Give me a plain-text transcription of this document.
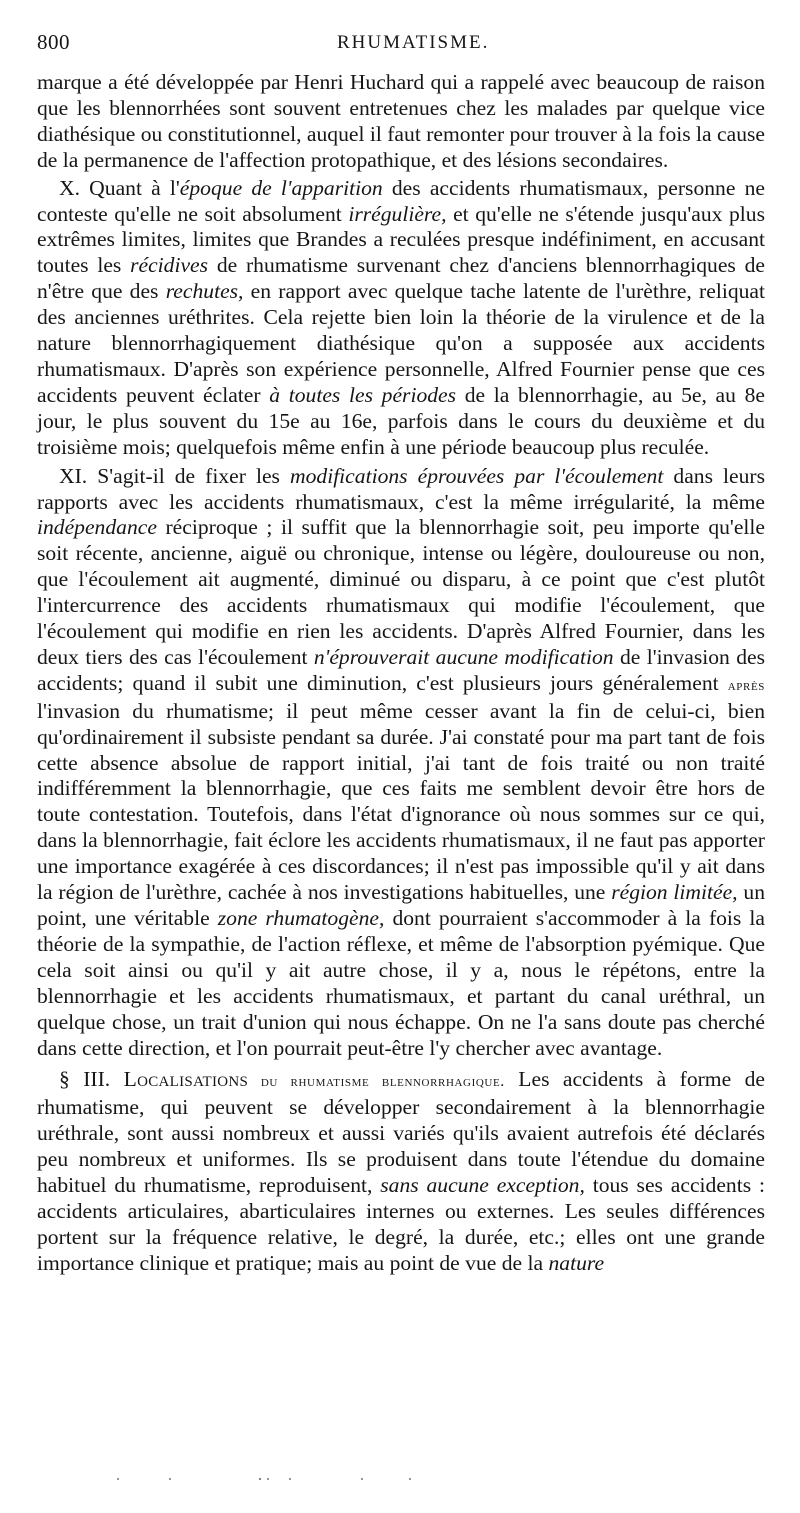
800	RHUMATISME.

marque a été développée par Henri Huchard qui a rappelé avec beaucoup de raison que les blennorrhées sont souvent entretenues chez les malades par quelque vice diathésique ou constitutionnel, auquel il faut remonter pour trouver à la fois la cause de la permanence de l'affection protopathique, et des lésions secondaires.

X. Quant à l'époque de l'apparition des accidents rhumatismaux, personne ne conteste qu'elle ne soit absolument irrégulière, et qu'elle ne s'étende jusqu'aux plus extrêmes limites, limites que Brandes a reculées presque indéfiniment, en accusant toutes les récidives de rhumatisme survenant chez d'anciens blennorrhagiques de n'être que des rechutes, en rapport avec quelque tache latente de l'urèthre, reliquat des anciennes uréthrites. Cela rejette bien loin la théorie de la virulence et de la nature blennorrhagiquement diathésique qu'on a supposée aux accidents rhumatismaux. D'après son expérience personnelle, Alfred Fournier pense que ces accidents peuvent éclater à toutes les périodes de la blennorrhagie, au 5e, au 8e jour, le plus souvent du 15e au 16e, parfois dans le cours du deuxième et du troisième mois; quelquefois même enfin à une période beaucoup plus reculée.

XI. S'agit-il de fixer les modifications éprouvées par l'écoulement dans leurs rapports avec les accidents rhumatismaux, c'est la même irrégularité, la même indépendance réciproque ; il suffit que la blennorrhagie soit, peu importe qu'elle soit récente, ancienne, aiguë ou chronique, intense ou légère, douloureuse ou non, que l'écoulement ait augmenté, diminué ou disparu, à ce point que c'est plutôt l'intercurrence des accidents rhumatismaux qui modifie l'écoulement, que l'écoulement qui modifie en rien les accidents. D'après Alfred Fournier, dans les deux tiers des cas l'écoulement n'éprouverait aucune modification de l'invasion des accidents; quand il subit une diminution, c'est plusieurs jours généralement après l'invasion du rhumatisme; il peut même cesser avant la fin de celui-ci, bien qu'ordinairement il subsiste pendant sa durée. J'ai constaté pour ma part tant de fois cette absence absolue de rapport initial, j'ai tant de fois traité ou non traité indifféremment la blennorrhagie, que ces faits me semblent devoir être hors de toute contestation. Toutefois, dans l'état d'ignorance où nous sommes sur ce qui, dans la blennorrhagie, fait éclore les accidents rhumatismaux, il ne faut pas apporter une importance exagérée à ces discordances; il n'est pas impossible qu'il y ait dans la région de l'urèthre, cachée à nos investigations habituelles, une région limitée, un point, une véritable zone rhumatogène, dont pourraient s'accommoder à la fois la théorie de la sympathie, de l'action réflexe, et même de l'absorption pyémique. Que cela soit ainsi ou qu'il y ait autre chose, il y a, nous le répétons, entre la blennorrhagie et les accidents rhumatismaux, et partant du canal uréthral, un quelque chose, un trait d'union qui nous échappe. On ne l'a sans doute pas cherché dans cette direction, et l'on pourrait peut-être l'y chercher avec avantage.

§ III. Localisations du rhumatisme blennorrhagique. Les accidents à forme de rhumatisme, qui peuvent se développer secondairement à la blennorrhagie uréthrale, sont aussi nombreux et aussi variés qu'ils avaient autrefois été déclarés peu nombreux et uniformes. Ils se produisent dans toute l'étendue du domaine habituel du rhumatisme, reproduisent, sans aucune exception, tous ses accidents : accidents articulaires, abarticulaires internes ou externes. Les seules différences portent sur la fréquence relative, le degré, la durée, etc.; elles ont une grande importance clinique et pratique; mais au point de vue de la nature
